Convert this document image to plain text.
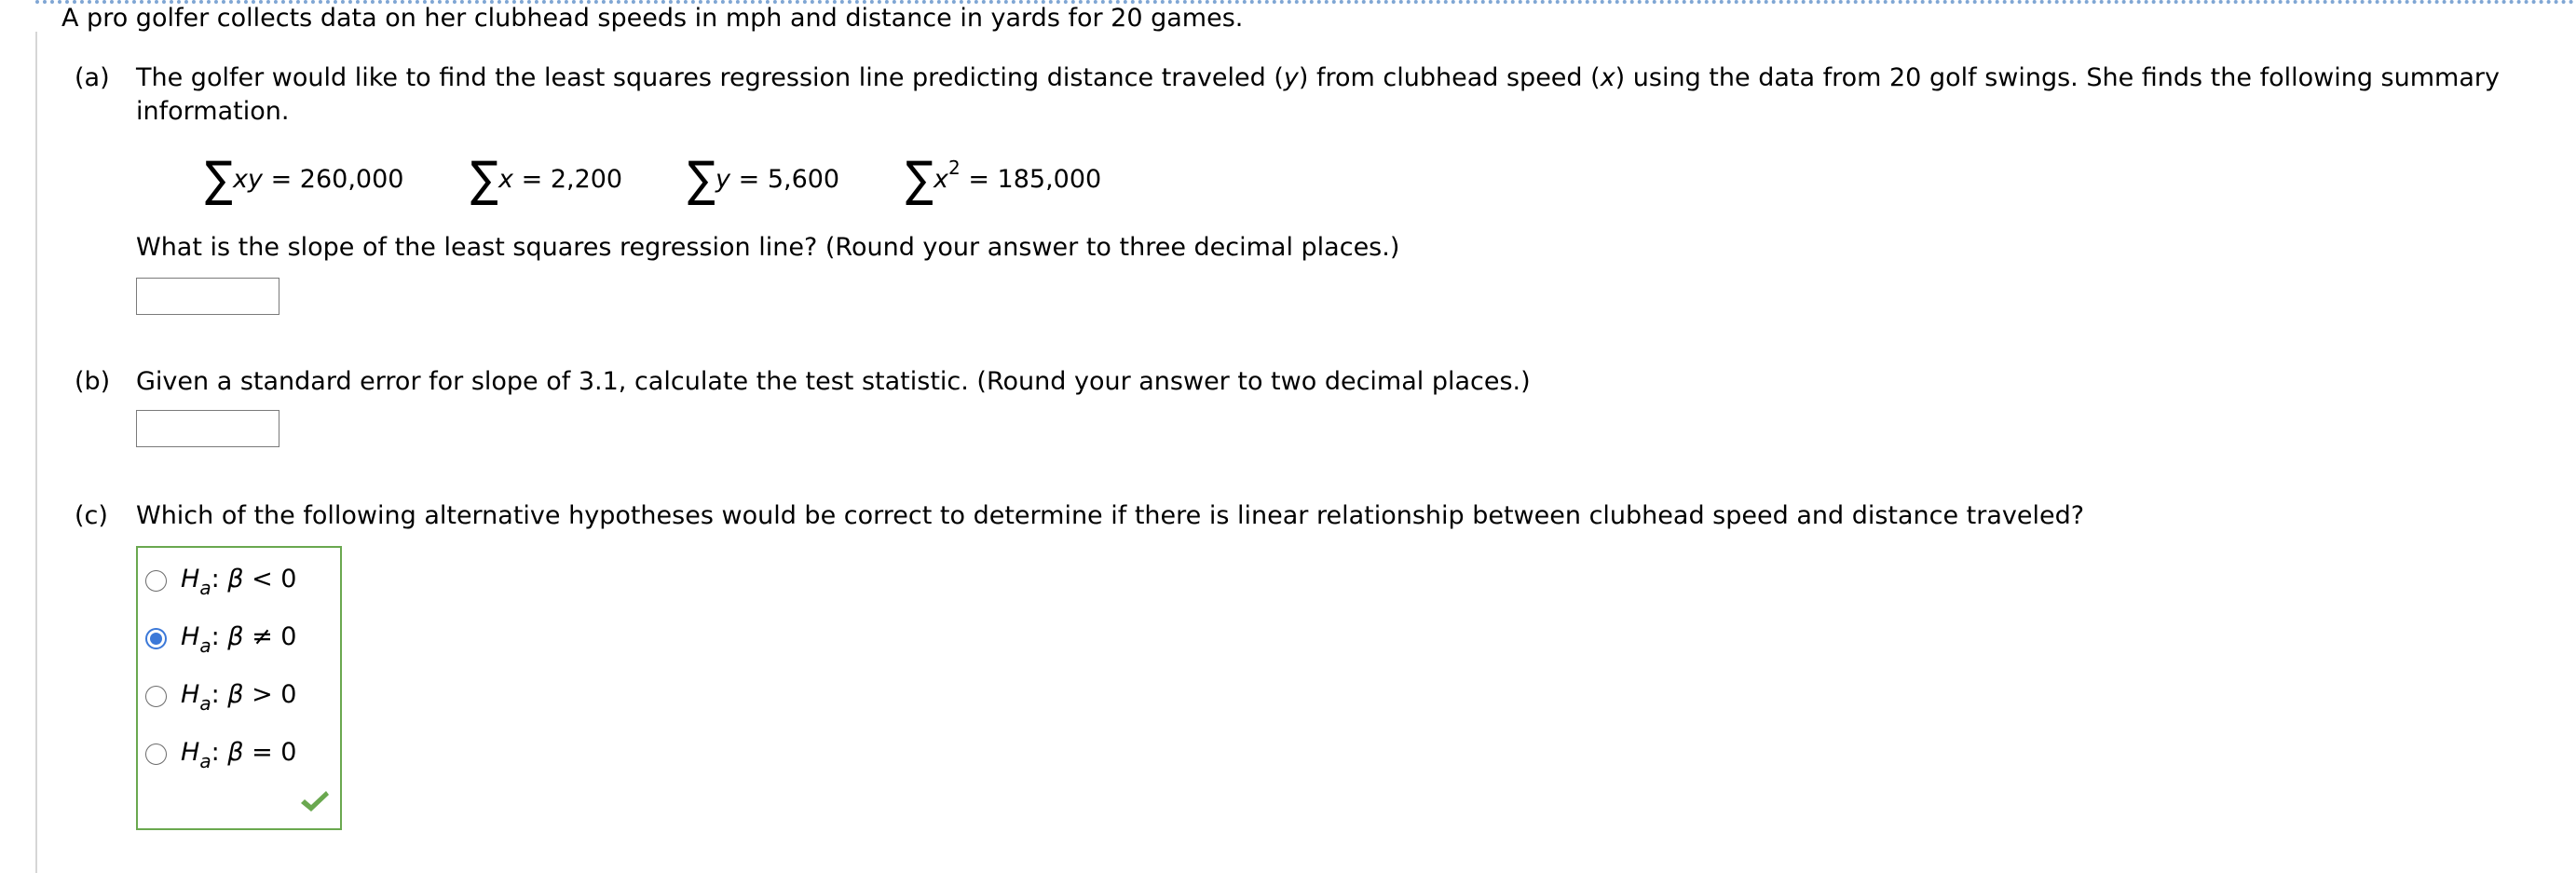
A pro golfer collects data on her clubhead speeds in mph and distance in yards for 20 games.

(a) The golfer would like to find the least squares regression line predicting distance traveled (y) from clubhead speed (x) using the data from 20 golf swings. She finds the following summary
information.
∑xy = 260,000 ∑x = 2,200 ∑y = 5,600 $\sum x^2 = 185,000$
What is the slope of the least squares regression line? (Round your answer to three decimal places.)
(b) Given a standard error for slope of 3.1, calculate the test statistic. (Round your answer to two decimal places.)
(c) Which of the following alternative hypotheses would be correct to determine if there is linear relationship between clubhead speed and distance traveled?
$H_a$: β < 0
$H_a$: β ≠ 0
$H_a$: β > 0
$H_a$: β = 0
